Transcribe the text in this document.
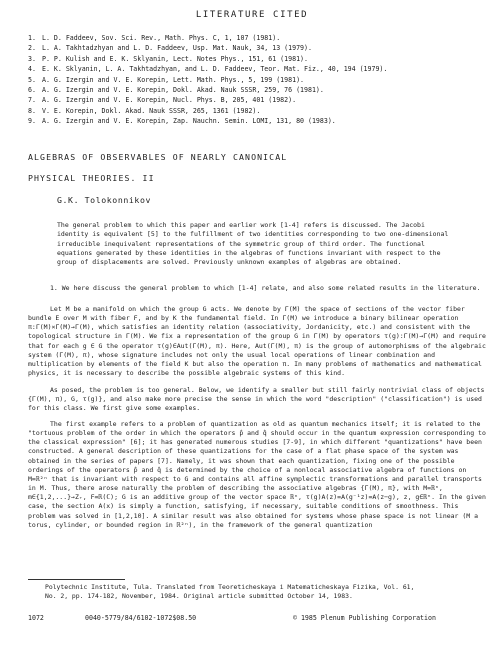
LITERATURE CITED
1. L. D. Faddeev, Sov. Sci. Rev., Math. Phys. C, 1, 107 (1981).
2. L. A. Takhtadzhyan and L. D. Faddeev, Usp. Mat. Nauk, 34, 13 (1979).
3. P. P. Kulish and E. K. Sklyanin, Lect. Notes Phys., 151, 61 (1981).
4. E. K. Sklyanin, L. A. Takhtadzhyan, and L. D. Faddeev, Teor. Mat. Fiz., 40, 194 (1979).
5. A. G. Izergin and V. E. Korepin, Lett. Math. Phys., 5, 199 (1981).
6. A. G. Izergin and V. E. Korepin, Dokl. Akad. Nauk SSSR, 259, 76 (1981).
7. A. G. Izergin and V. E. Korepin, Nucl. Phys. B, 205, 401 (1982).
8. V. E. Korepin, Dokl. Akad. Nauk SSSR, 265, 1361 (1982).
9. A. G. Izergin and V. E. Korepin, Zap. Nauchn. Semin. LOMI, 131, 80 (1983).
ALGEBRAS OF OBSERVABLES OF NEARLY CANONICAL
PHYSICAL THEORIES. II
G.K. Tolokonnikov

The general problem to which this paper and earlier work [1-4] refers is discussed. The Jacobi identity is equivalent [5] to the fulfillment of two identities corresponding to two one-dimensional irreducible inequivalent representations of the symmetric group of third order. The functional equations generated by these identities in the algebras of functions invariant with respect to the group of displacements are solved. Previously unknown examples of algebras are obtained.

1. We here discuss the general problem to which [1-4] relate, and also some related results in the literature.

Let M be a manifold on which the group G acts. We denote by Γ(M) the space of sections of the vector fiber bundle E over M with fiber F, and by K the fundamental field. In Γ(M) we introduce a binary bilinear operation π:Γ(M)×Γ(M)→Γ(M), which satisfies an identity relation (associativity, Jordanicity, etc.) and consistent with the topological structure in Γ(M). We fix a representation of the group G in Γ(M) by operators τ(g):Γ(M)→Γ(M) and require that for each g ∈ G the operator τ(g)∈Aut(Γ(M), π). Here, Aut(Γ(M), π) is the group of automorphisms of the algebraic system (Γ(M), π), whose signature includes not only the usual local operations of linear combination and multiplication by elements of the field K but also the operation π. In many problems of mathematics and mathematical physics, it is necessary to describe the possible algebraic systems of this kind.

As posed, the problem is too general. Below, we identify a smaller but still fairly nontrivial class of objects {Γ(M), π), G, τ(g)}, and also make more precise the sense in which the word "description" ("classification") is used for this class. We first give some examples.

The first example refers to a problem of quantization as old as quantum mechanics itself; it is related to the "tortuous problem of the order in which the operators p̂ and q̂ should occur in the quantum expression corresponding to the classical expression" [6]; it has generated numerous studies [7-9], in which different "quantizations" have been constructed. A general description of these quantizations for the case of a flat phase space of the system was obtained in the series of papers [7]. Namely, it was shown that each quantization, fixing one of the possible orderings of the operators p̂ and q̂ is determined by the choice of a nonlocal associative algebra of functions on M=ℝ²ⁿ that is invariant with respect to G and contains all affine symplectic transformations and parallel transports in M. Thus, there arose naturally the problem of describing the associative algebras {Γ(M), π}, with M=ℝⁿ, m∈{1,2,...}→Z₊, F=ℝ(ℂ); G is an additive group of the vector space ℝⁿ, τ(g)A(z)=A(g⁻¹z)=A(z−g), z, g∈ℝⁿ. In the given case, the section A(x) is simply a function, satisfying, if necessary, suitable conditions of smoothness. This problem was solved in [1,2,10]. A similar result was also obtained for systems whose phase space is not linear (M a torus, cylinder, or bounded region in ℝ²ⁿ), in the framework of the general quantization

Polytechnic Institute, Tula. Translated from Teoreticheskaya i Matematicheskaya Fizika, Vol. 61,
No. 2, pp. 174-182, November, 1984. Original article submitted October 14, 1983.
1072	0040-5779/84/6102-1072$08.50	© 1985 Plenum Publishing Corporation
